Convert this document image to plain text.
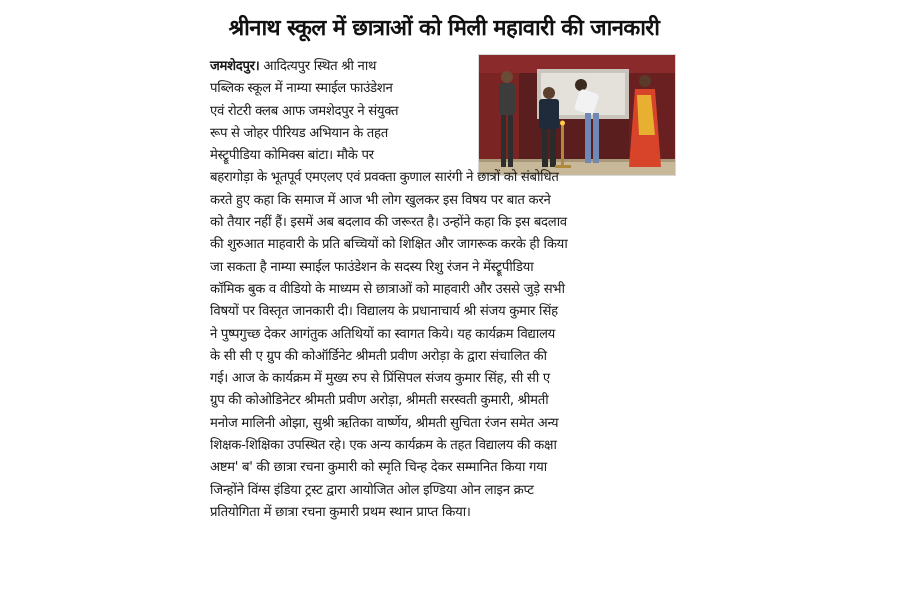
श्रीनाथ स्कूल में छात्राओं को मिली महावारी की जानकारी
जमशेदपुर। आदित्यपुर स्थित श्री नाथ
पब्लिक स्कूल में नाम्या स्माईल फाउंडेशन
एवं रोटरी क्लब आफ जमशेदपुर ने संयुक्त
रूप से जोहर पीरियड अभियान के तहत
मेस्ट्रूपीडिया कोमिक्स बांटा। मौके पर
बहरागोड़ा के भूतपूर्व एमएलए एवं प्रवक्ता कुणाल सारंगी ने छात्रों को संबोधित
करते हुए कहा कि समाज में आज भी लोग खुलकर इस विषय पर बात करने
को तैयार नहीं हैं। इसमें अब बदलाव की जरूरत है। उन्होंने कहा कि इस बदलाव
की शुरुआत माहवारी के प्रति बच्चियों को शिक्षित और जागरूक करके ही किया
जा सकता है नाम्या स्माईल फाउंडेशन के सदस्य रिशु रंजन ने मेंस्ट्रूपीडिया
कॉमिक बुक व वीडियो के माध्यम से छात्राओं को माहवारी और उससे जुड़े सभी
विषयों पर विस्तृत जानकारी दी। विद्यालय के प्रधानाचार्य श्री संजय कुमार सिंह
ने पुष्पगुच्छ देकर आगंतुक अतिथियों का स्वागत किये। यह कार्यक्रम विद्यालय
के सी सी ए ग्रुप की कोऑर्डिनेट श्रीमती प्रवीण अरोड़ा के द्वारा संचालित की
गई। आज के कार्यक्रम में मुख्य रुप से प्रिंसिपल संजय कुमार सिंह, सी सी ए
ग्रुप की कोओडिनेटर श्रीमती प्रवीण अरोड़ा, श्रीमती सरस्वती कुमारी, श्रीमती
मनोज मालिनी ओझा, सुश्री ऋतिका वार्ष्णेय, श्रीमती सुचिता रंजन समेत अन्य
शिक्षक-शिक्षिका उपस्थित रहे। एक अन्य कार्यक्रम के तहत विद्यालय की कक्षा
अष्टम' ब' की छात्रा रचना कुमारी को स्मृति चिन्ह देकर सम्मानित किया गया
जिन्होंने विंग्स इंडिया ट्रस्ट द्वारा आयोजित ओल इण्डिया ओन लाइन क्रप्ट
प्रतियोगिता में छात्रा रचना कुमारी प्रथम स्थान प्राप्त किया।
